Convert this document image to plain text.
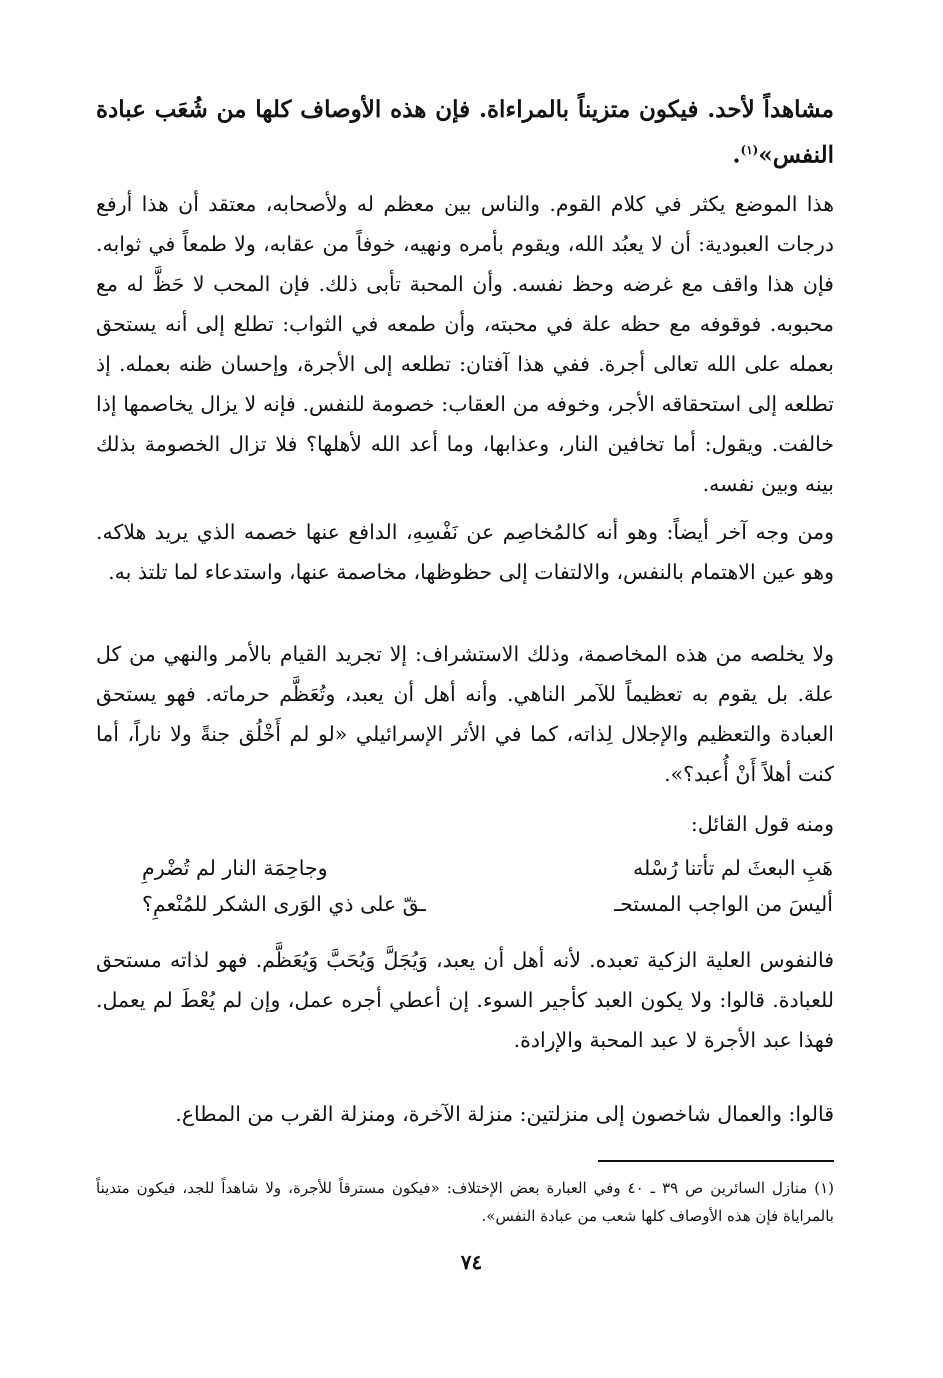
مشاهداً لأحد. فيكون متزيناً بالمراءاة. فإن هذه الأوصاف كلها من شُعَب عبادة النفس»$^{(١)}$.

هذا الموضع يكثر في كلام القوم. والناس بين معظم له ولأصحابه، معتقد أن هذا أرفع درجات العبودية: أن لا يعبُد الله، ويقوم بأمره ونهيه، خوفاً من عقابه، ولا طمعاً في ثوابه. فإن هذا واقف مع غرضه وحظ نفسه. وأن المحبة تأبى ذلك. فإن المحب لا حَظَّ له مع محبوبه. فوقوفه مع حظه علة في محبته، وأن طمعه في الثواب: تطلع إلى أنه يستحق بعمله على الله تعالى أجرة. ففي هذا آفتان: تطلعه إلى الأجرة، وإحسان ظنه بعمله. إذ تطلعه إلى استحقاقه الأجر، وخوفه من العقاب: خصومة للنفس. فإنه لا يزال يخاصمها إذا خالفت. ويقول: أما تخافين النار، وعذابها، وما أعد الله لأهلها؟ فلا تزال الخصومة بذلك بينه وبين نفسه.

ومن وجه آخر أيضاً: وهو أنه كالمُخاصِم عن نَفْسِهِ، الدافع عنها خصمه الذي يريد هلاكه. وهو عين الاهتمام بالنفس، والالتفات إلى حظوظها، مخاصمة عنها، واستدعاء لما تلتذ به.

ولا يخلصه من هذه المخاصمة، وذلك الاستشراف: إلا تجريد القيام بالأمر والنهي من كل علة. بل يقوم به تعظيماً للآمر الناهي. وأنه أهل أن يعبد، وتُعَظَّم حرماته. فهو يستحق العبادة والتعظيم والإجلال لِذاته، كما في الأثر الإسرائيلي «لو لم أَخْلُق جنةً ولا ناراً، أما كنت أهلاً أَنْ أُعبد؟».

ومنه قول القائل:

هَبِ البعثَ لم تأتنا رُسْله
وجاحِمَة النار لم تُضْرمِ
أليسَ من الواجب المستحـ
ـقّ على ذي الوَرى الشكر للمُنْعمِ؟

فالنفوس العلية الزكية تعبده. لأنه أهل أن يعبد، وَيُجَلَّ وَيُحَبَّ وَيُعَظَّم. فهو لذاته مستحق للعبادة. قالوا: ولا يكون العبد كأجير السوء. إن أعطي أجره عمل، وإن لم يُعْطَ لم يعمل. فهذا عبد الأجرة لا عبد المحبة والإرادة.

قالوا: والعمال شاخصون إلى منزلتين: منزلة الآخرة، ومنزلة القرب من المطاع.

(١) منازل السائرين ص ٣٩ ـ ٤٠ وفي العبارة بعض الإختلاف: «فيكون مسترقاً للأجرة، ولا شاهداً للجد، فيكون متديناً بالمراياة فإن هذه الأوصاف كلها شعب من عبادة النفس».

٧٤
